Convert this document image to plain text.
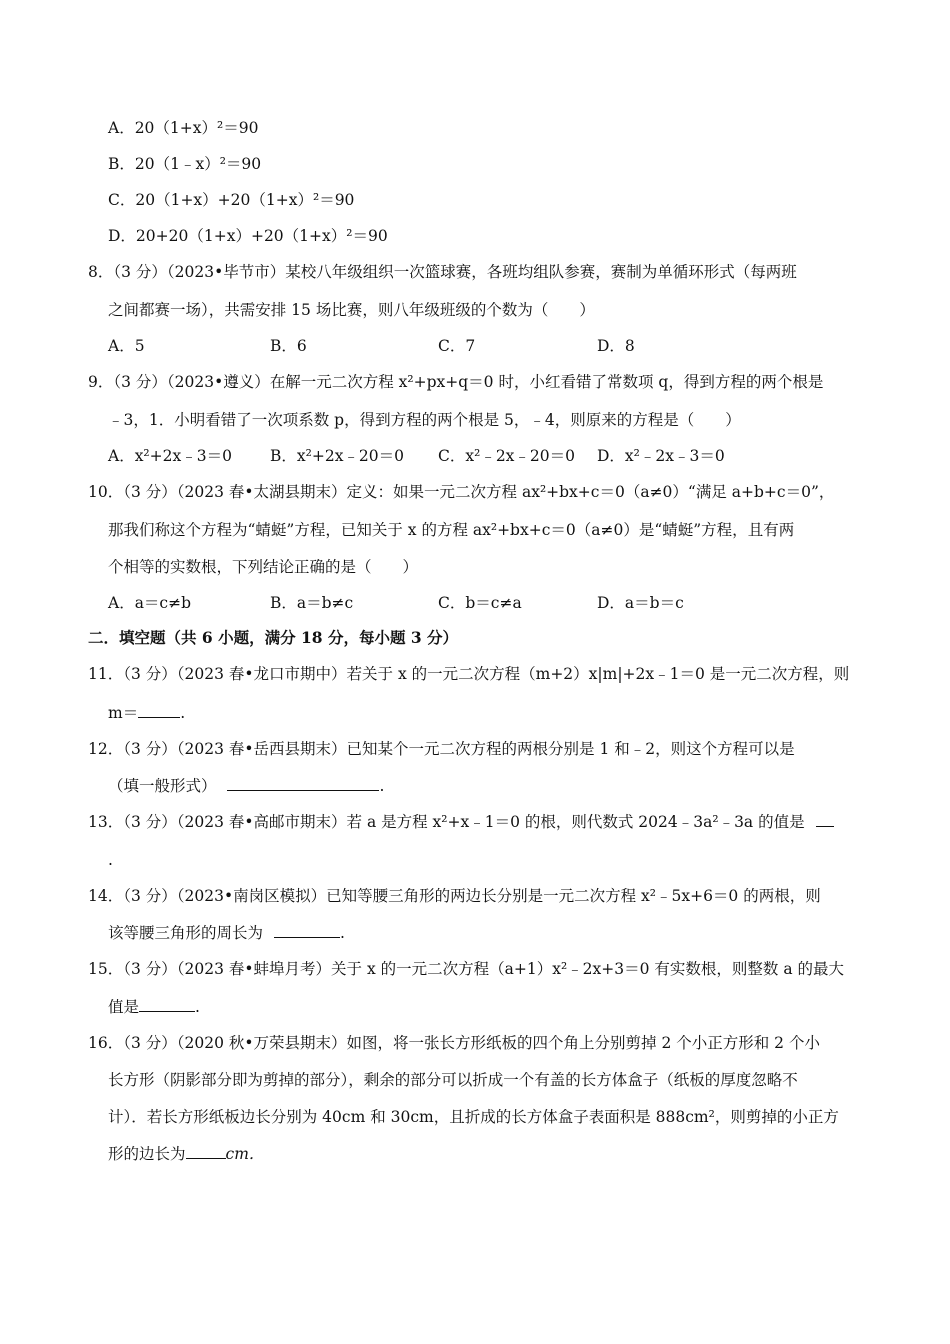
A．20（1+x）²＝90
B．20（1﹣x）²＝90
C．20（1+x）+20（1+x）²＝90
D．20+20（1+x）+20（1+x）²＝90
8．（3 分）（2023•毕节市）某校八年级组织一次篮球赛，各班均组队参赛，赛制为单循环形式（每两班
之间都赛一场），共需安排 15 场比赛，则八年级班级的个数为（　　）
A．5	B．6	C．7	D．8
9．（3 分）（2023•遵义）在解一元二次方程 x²+px+q＝0 时，小红看错了常数项 q，得到方程的两个根是
﹣3，1．小明看错了一次项系数 p，得到方程的两个根是 5，﹣4，则原来的方程是（　　）
A．x²+2x﹣3＝0 B．x²+2x﹣20＝0 C．x²﹣2x﹣20＝0 D．x²﹣2x﹣3＝0
10．（3 分）（2023 春•太湖县期末）定义：如果一元二次方程 ax²+bx+c＝0（a≠0）“满足 a+b+c＝0”，
那我们称这个方程为“蜻蜓”方程，已知关于 x 的方程 ax²+bx+c＝0（a≠0）是“蜻蜓”方程，且有两
个相等的实数根，下列结论正确的是（　　）
A．a＝c≠b	B．a＝b≠c	C．b＝c≠a	D．a＝b＝c
二．填空题（共 6 小题，满分 18 分，每小题 3 分）
11．（3 分）（2023 春•龙口市期中）若关于 x 的一元二次方程（m+2）x|m|+2x﹣1＝0 是一元二次方程，则
m＝	.
12．（3 分）（2023 春•岳西县期末）已知某个一元二次方程的两根分别是 1 和﹣2，则这个方程可以是
（填一般形式）	.
13．（3 分）（2023 春•高邮市期末）若 a 是方程 x²+x﹣1＝0 的根，则代数式 2024﹣3a²﹣3a 的值是
.
14．（3 分）（2023•南岗区模拟）已知等腰三角形的两边长分别是一元二次方程 x²﹣5x+6＝0 的两根，则
该等腰三角形的周长为	.
15．（3 分）（2023 春•蚌埠月考）关于 x 的一元二次方程（a+1）x²﹣2x+3＝0 有实数根，则整数 a 的最大
值是	.
16．（3 分）（2020 秋•万荣县期末）如图，将一张长方形纸板的四个角上分别剪掉 2 个小正方形和 2 个小
长方形（阴影部分即为剪掉的部分），剩余的部分可以折成一个有盖的长方体盒子（纸板的厚度忽略不
计）．若长方形纸板边长分别为 40cm 和 30cm，且折成的长方体盒子表面积是 888cm²，则剪掉的小正方
形的边长为	cm．
